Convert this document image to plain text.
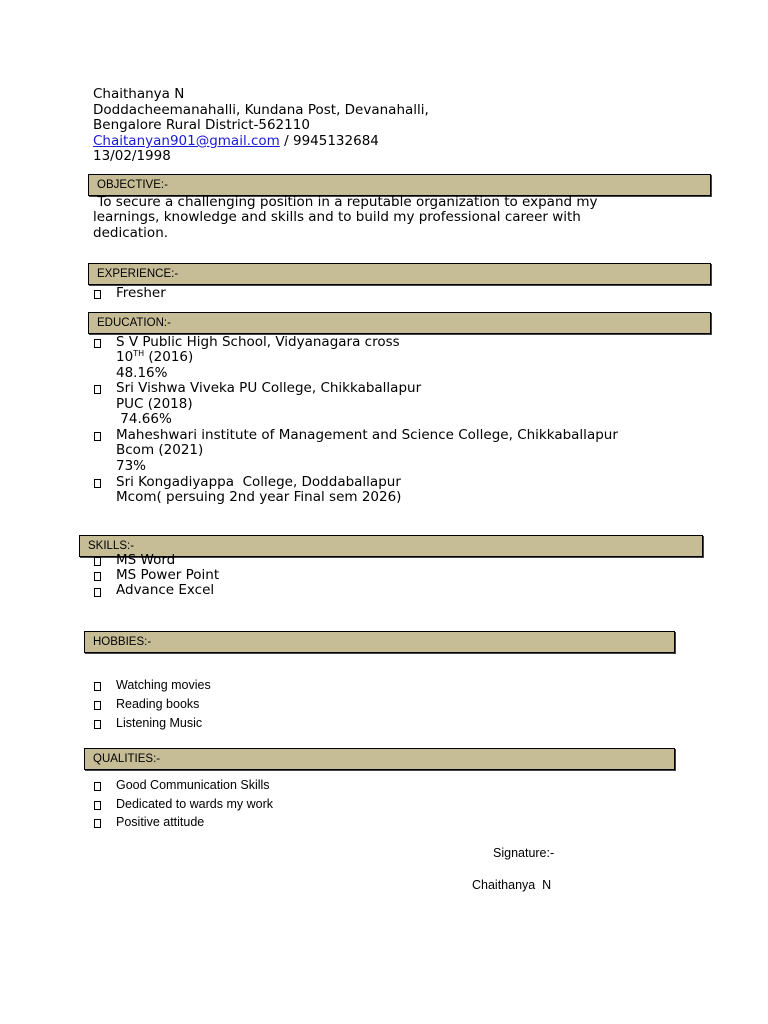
Chaithanya N
Doddacheemanahalli, Kundana Post, Devanahalli,
Bengalore Rural District-562110
Chaitanyan901@gmail.com / 9945132684
13/02/1998
OBJECTIVE:-
To secure a challenging position in a reputable organization to expand my
learnings, knowledge and skills and to build my professional career with
dedication.
EXPERIENCE:-
Fresher
EDUCATION:-
S V Public High School, Vidyanagara cross
10TH (2016)
48.16%
Sri Vishwa Viveka PU College, Chikkaballapur
PUC (2018)
74.66%
Maheshwari institute of Management and Science College, Chikkaballapur
Bcom (2021)
73%
Sri Kongadiyappa  College, Doddaballapur
Mcom( persuing 2nd year Final sem 2026)
SKILLS:-
MS Word
MS Power Point
Advance Excel
HOBBIES:-
Watching movies
Reading books
Listening Music
QUALITIES:-
Good Communication Skills
Dedicated to wards my work
Positive attitude
Signature:-
Chaithanya  N
